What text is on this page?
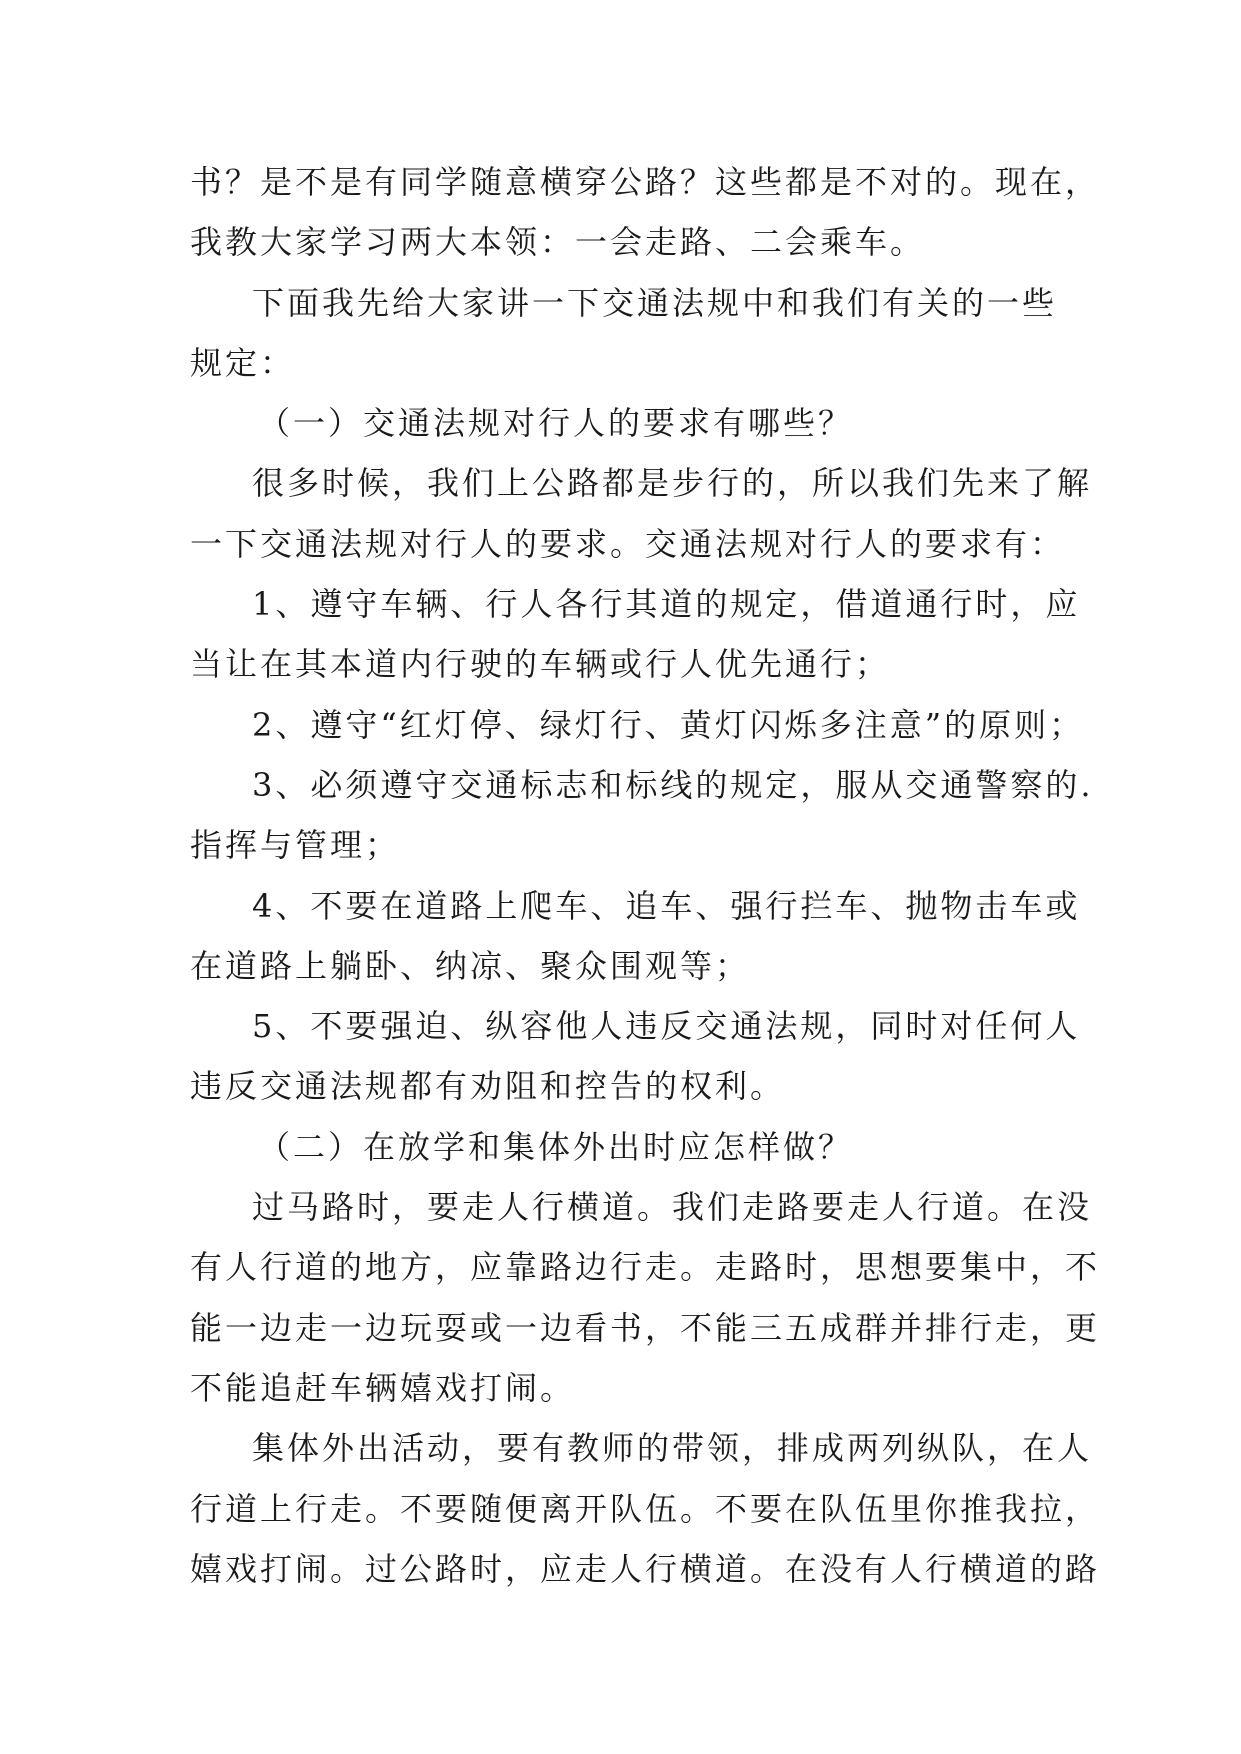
书？是不是有同学随意横穿公路？这些都是不对的。现在，

我教大家学习两大本领：一会走路、二会乘车。

下面我先给大家讲一下交通法规中和我们有关的一些

规定：

（一）交通法规对行人的要求有哪些？

很多时候，我们上公路都是步行的，所以我们先来了解

一下交通法规对行人的要求。交通法规对行人的要求有：

1、遵守车辆、行人各行其道的规定，借道通行时，应

当让在其本道内行驶的车辆或行人优先通行；

2、遵守“红灯停、绿灯行、黄灯闪烁多注意”的原则；

3、必须遵守交通标志和标线的规定，服从交通警察的.

指挥与管理；

4、不要在道路上爬车、追车、强行拦车、抛物击车或

在道路上躺卧、纳凉、聚众围观等；

5、不要强迫、纵容他人违反交通法规，同时对任何人

违反交通法规都有劝阻和控告的权利。

（二）在放学和集体外出时应怎样做？

过马路时，要走人行横道。我们走路要走人行道。在没

有人行道的地方，应靠路边行走。走路时，思想要集中，不

能一边走一边玩耍或一边看书，不能三五成群并排行走，更

不能追赶车辆嬉戏打闹。

集体外出活动，要有教师的带领，排成两列纵队，在人

行道上行走。不要随便离开队伍。不要在队伍里你推我拉，

嬉戏打闹。过公路时，应走人行横道。在没有人行横道的路
